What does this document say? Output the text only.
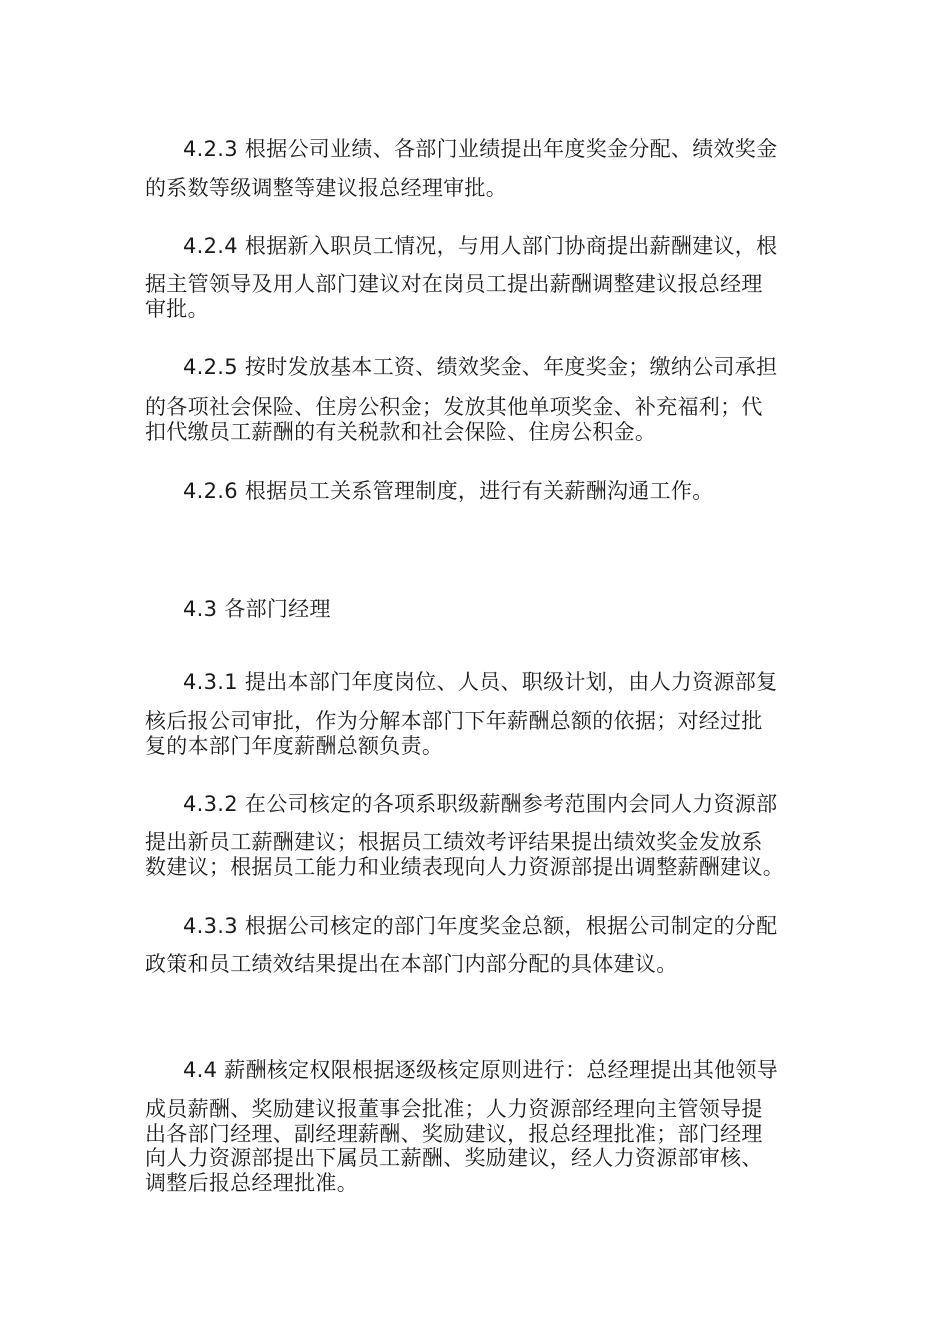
4.2.3 根据公司业绩、各部门业绩提出年度奖金分配、绩效奖金
的系数等级调整等建议报总经理审批。
4.2.4 根据新入职员工情况，与用人部门协商提出薪酬建议，根
据主管领导及用人部门建议对在岗员工提出薪酬调整建议报总经理
审批。
4.2.5 按时发放基本工资、绩效奖金、年度奖金；缴纳公司承担
的各项社会保险、住房公积金；发放其他单项奖金、补充福利；代
扣代缴员工薪酬的有关税款和社会保险、住房公积金。
4.2.6 根据员工关系管理制度，进行有关薪酬沟通工作。
4.3 各部门经理
4.3.1 提出本部门年度岗位、人员、职级计划，由人力资源部复
核后报公司审批，作为分解本部门下年薪酬总额的依据；对经过批
复的本部门年度薪酬总额负责。
4.3.2 在公司核定的各项系职级薪酬参考范围内会同人力资源部
提出新员工薪酬建议；根据员工绩效考评结果提出绩效奖金发放系
数建议；根据员工能力和业绩表现向人力资源部提出调整薪酬建议。
4.3.3 根据公司核定的部门年度奖金总额，根据公司制定的分配
政策和员工绩效结果提出在本部门内部分配的具体建议。
4.4 薪酬核定权限根据逐级核定原则进行：总经理提出其他领导
成员薪酬、奖励建议报董事会批准；人力资源部经理向主管领导提
出各部门经理、副经理薪酬、奖励建议，报总经理批准；部门经理
向人力资源部提出下属员工薪酬、奖励建议，经人力资源部审核、
调整后报总经理批准。
